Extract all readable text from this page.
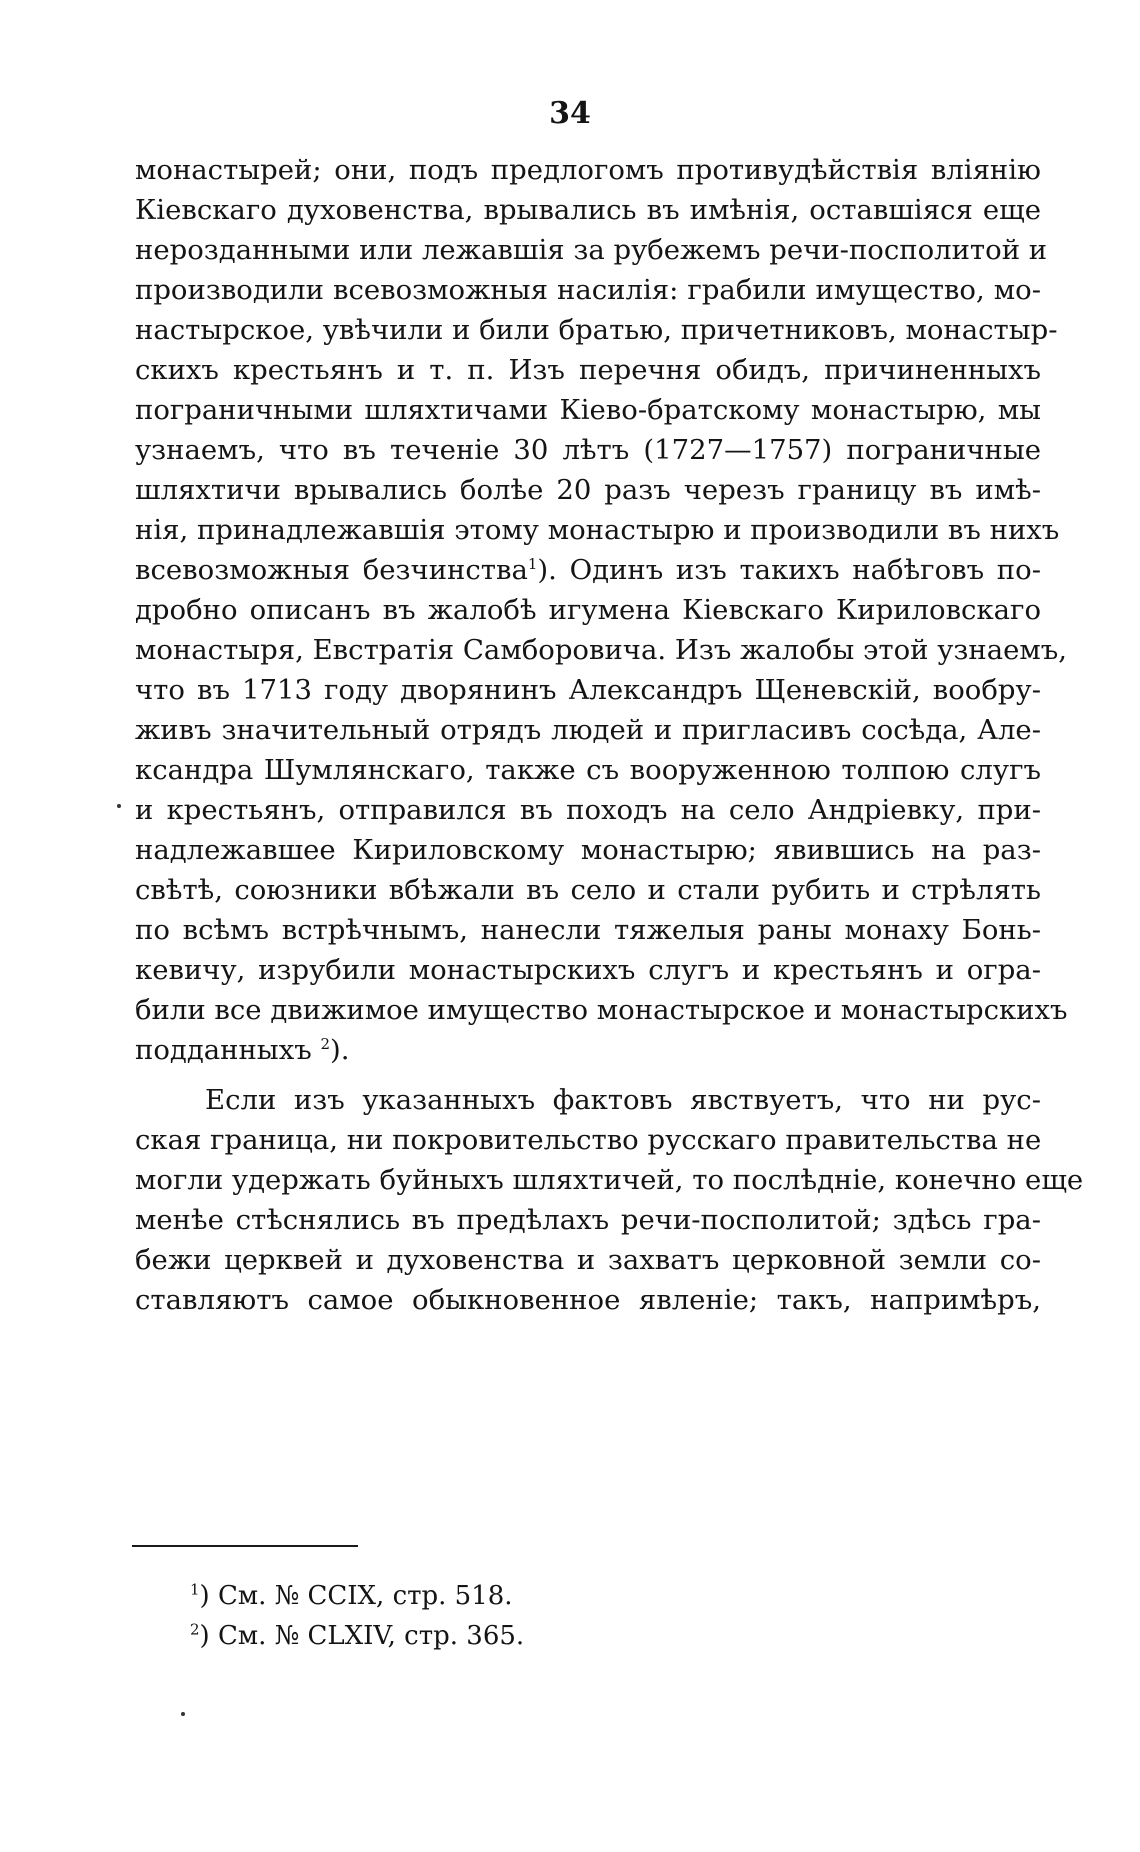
34
монастырей; они, подъ предлогомъ противудѣйствія вліянію
Кіевскаго духовенства, врывались въ имѣнія, оставшіяся еще
нерозданными или лежавшія за рубежемъ речи-посполитой и
производили всевозможныя насилія: грабили имущество, мо-
настырское, увѣчили и били братью, причетниковъ, монастыр-
скихъ крестьянъ и т. п. Изъ перечня обидъ, причиненныхъ
пограничными шляхтичами Кіево-братскому монастырю, мы
узнаемъ, что въ теченіе 30 лѣтъ (1727—1757) пограничные
шляхтичи врывались болѣе 20 разъ черезъ границу въ имѣ-
нія, принадлежавшія этому монастырю и производили въ нихъ
всевозможныя безчинства$^1$). Одинъ изъ такихъ набѣговъ по-
дробно описанъ въ жалобѣ игумена Кіевскаго Кириловскаго
монастыря, Евстратія Самборовича. Изъ жалобы этой узнаемъ,
что въ 1713 году дворянинъ Александръ Щеневскій, вообру-
живъ значительный отрядъ людей и пригласивъ сосѣда, Але-
ксандра Шумлянскаго, также съ вооруженною толпою слугъ
и крестьянъ, отправился въ походъ на село Андріевку, при-
надлежавшее Кириловскому монастырю; явившись на раз-
свѣтѣ, союзники вбѣжали въ село и стали рубить и стрѣлять
по всѣмъ встрѣчнымъ, нанесли тяжелыя раны монаху Бонь-
кевичу, изрубили монастырскихъ слугъ и крестьянъ и огра-
били все движимое имущество монастырское и монастырскихъ
подданныхъ $^2$).
Если изъ указанныхъ фактовъ явствуетъ, что ни рус-
ская граница, ни покровительство русскаго правительства не
могли удержать буйныхъ шляхтичей, то послѣдніе, конечно еще
менѣе стѣснялись въ предѣлахъ речи-посполитой; здѣсь гра-
бежи церквей и духовенства и захватъ церковной земли со-
ставляютъ самое обыкновенное явленіе; такъ, напримѣръ,
$^1$) См. № CCIX, стр. 518.
$^2$) См. № CLXIV, стр. 365.
